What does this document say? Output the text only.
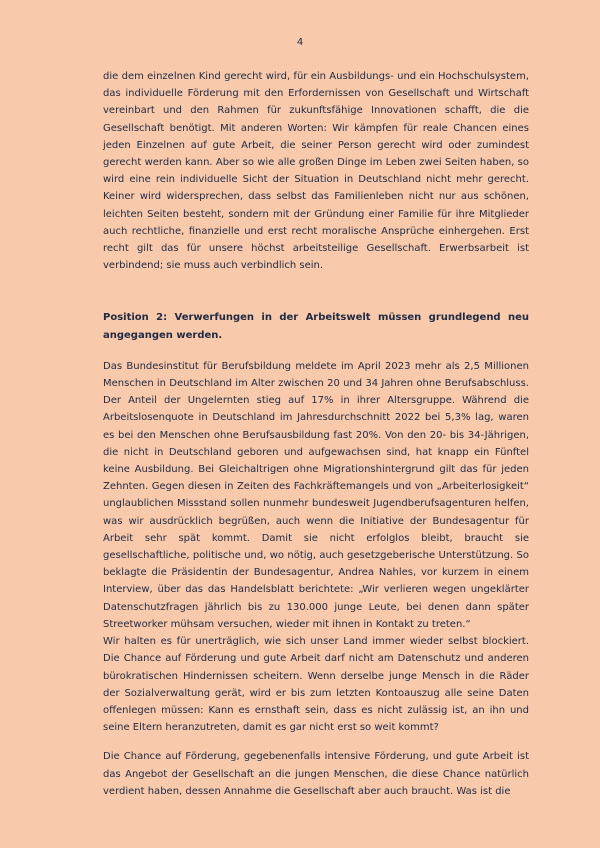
4

die dem einzelnen Kind gerecht wird, für ein Ausbildungs- und ein Hochschulsystem, das individuelle Förderung mit den Erfordernissen von Gesellschaft und Wirtschaft vereinbart und den Rahmen für zukunftsfähige Innovationen schafft, die die Gesellschaft benötigt. Mit anderen Worten: Wir kämpfen für reale Chancen eines jeden Einzelnen auf gute Arbeit, die seiner Person gerecht wird oder zumindest gerecht werden kann. Aber so wie alle großen Dinge im Leben zwei Seiten haben, so wird eine rein individuelle Sicht der Situation in Deutschland nicht mehr gerecht. Keiner wird widersprechen, dass selbst das Familienleben nicht nur aus schönen, leichten Seiten besteht, sondern mit der Gründung einer Familie für ihre Mitglieder auch rechtliche, finanzielle und erst recht moralische Ansprüche einhergehen. Erst recht gilt das für unsere höchst arbeitsteilige Gesellschaft. Erwerbsarbeit ist verbindend; sie muss auch verbindlich sein.

Position 2: Verwerfungen in der Arbeitswelt müssen grundlegend neu angegangen werden.

Das Bundesinstitut für Berufsbildung meldete im April 2023 mehr als 2,5 Millionen Menschen in Deutschland im Alter zwischen 20 und 34 Jahren ohne Berufsabschluss. Der Anteil der Ungelernten stieg auf 17% in ihrer Altersgruppe. Während die Arbeitslosenquote in Deutschland im Jahresdurchschnitt 2022 bei 5,3% lag, waren es bei den Menschen ohne Berufsausbildung fast 20%. Von den 20- bis 34-Jährigen, die nicht in Deutschland geboren und aufgewachsen sind, hat knapp ein Fünftel keine Ausbildung. Bei Gleichaltrigen ohne Migrationshintergrund gilt das für jeden Zehnten. Gegen diesen in Zeiten des Fachkräftemangels und von „Arbeiterlosigkeit“ unglaublichen Missstand sollen nunmehr bundesweit Jugendberufsagenturen helfen, was wir ausdrücklich begrüßen, auch wenn die Initiative der Bundesagentur für Arbeit sehr spät kommt. Damit sie nicht erfolglos bleibt, braucht sie gesellschaftliche, politische und, wo nötig, auch gesetzgeberische Unterstützung. So beklagte die Präsidentin der Bundesagentur, Andrea Nahles, vor kurzem in einem Interview, über das das Handelsblatt berichtete: „Wir verlieren wegen ungeklärter Datenschutzfragen jährlich bis zu 130.000 junge Leute, bei denen dann später Streetworker mühsam versuchen, wieder mit ihnen in Kontakt zu treten.“

Wir halten es für unerträglich, wie sich unser Land immer wieder selbst blockiert. Die Chance auf Förderung und gute Arbeit darf nicht am Datenschutz und anderen bürokratischen Hindernissen scheitern. Wenn derselbe junge Mensch in die Räder der Sozialverwaltung gerät, wird er bis zum letzten Kontoauszug alle seine Daten offenlegen müssen: Kann es ernsthaft sein, dass es nicht zulässig ist, an ihn und seine Eltern heranzutreten, damit es gar nicht erst so weit kommt?

Die Chance auf Förderung, gegebenenfalls intensive Förderung, und gute Arbeit ist das Angebot der Gesellschaft an die jungen Menschen, die diese Chance natürlich verdient haben, dessen Annahme die Gesellschaft aber auch braucht. Was ist die
